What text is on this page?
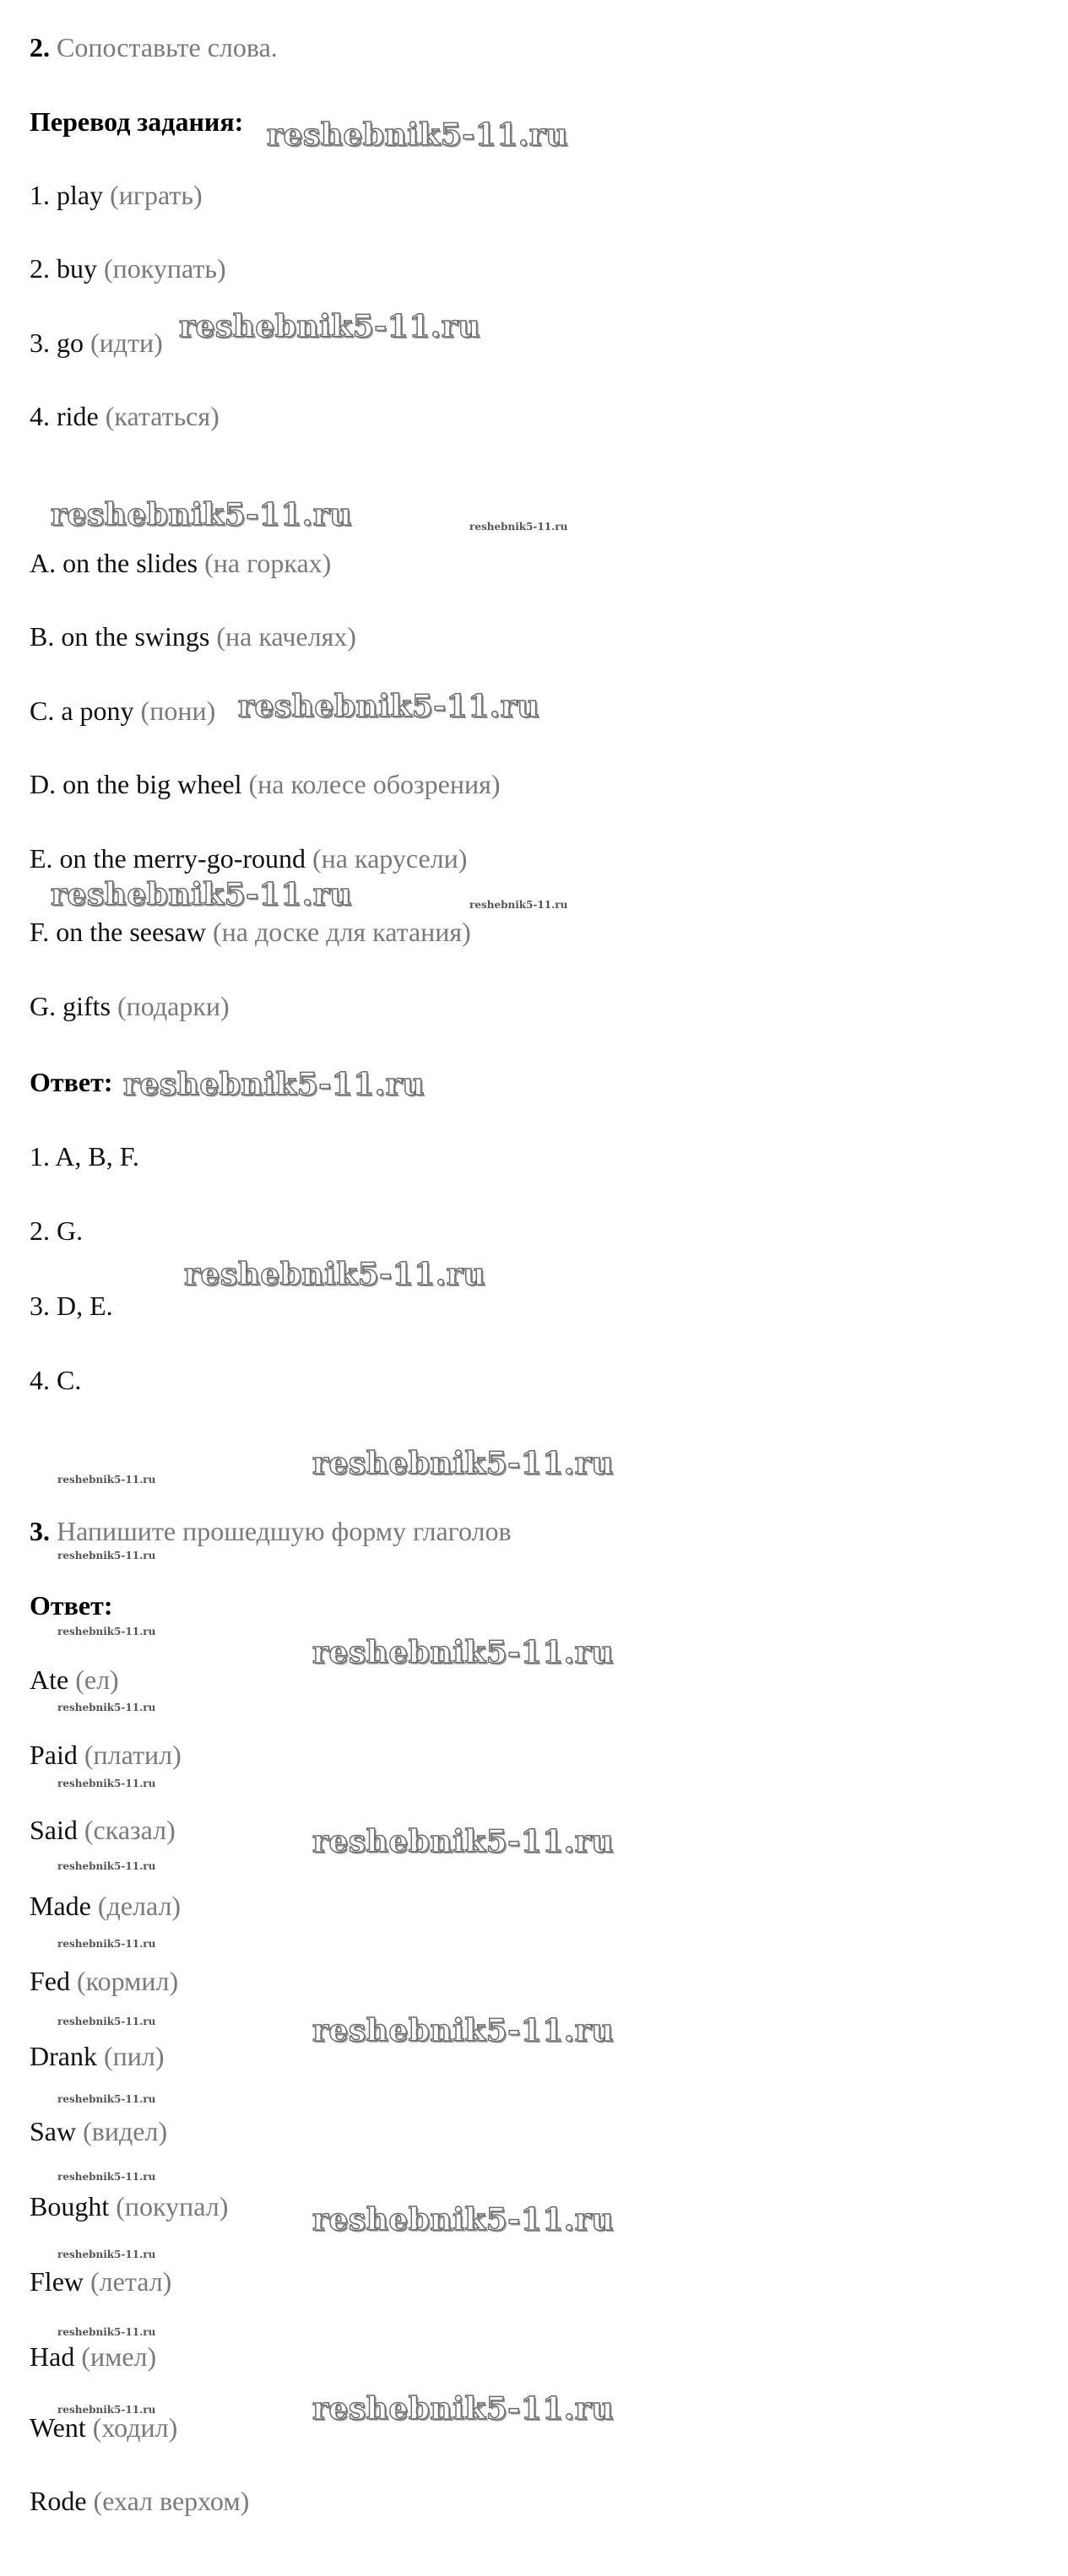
2. Сопоставьте слова.
Перевод задания:
1. play (играть)
2. buy (покупать)
3. go (идти)
4. ride (кататься)
A. on the slides (на горках)
B. on the swings (на качелях)
C. a pony (пони)
D. on the big wheel (на колесе обозрения)
E. on the merry-go-round (на карусели)
F. on the seesaw (на доске для катания)
G. gifts (подарки)
Ответ:
1. A, B, F.
2. G.
3. D, E.
4. C.
3. Напишите прошедшую форму глаголов
Ответ:
Ate (ел)
Paid (платил)
Said (сказал)
Made (делал)
Fed (кормил)
Drank (пил)
Saw (видел)
Bought (покупал)
Flew (летал)
Had (имел)
Went (ходил)
Rode (ехал верхом)
reshebnik5-11.ru
reshebnik5-11.ru
reshebnik5-11.ru
reshebnik5-11.ru
reshebnik5-11.ru
reshebnik5-11.ru
reshebnik5-11.ru
reshebnik5-11.ru
reshebnik5-11.ru
reshebnik5-11.ru
reshebnik5-11.ru
reshebnik5-11.ru
reshebnik5-11.ru
reshebnik5-11.ru
reshebnik5-11.ru
reshebnik5-11.ru
reshebnik5-11.ru
reshebnik5-11.ru
reshebnik5-11.ru
reshebnik5-11.ru
reshebnik5-11.ru
reshebnik5-11.ru
reshebnik5-11.ru
reshebnik5-11.ru
reshebnik5-11.ru
reshebnik5-11.ru
reshebnik5-11.ru
reshebnik5-11.ru
